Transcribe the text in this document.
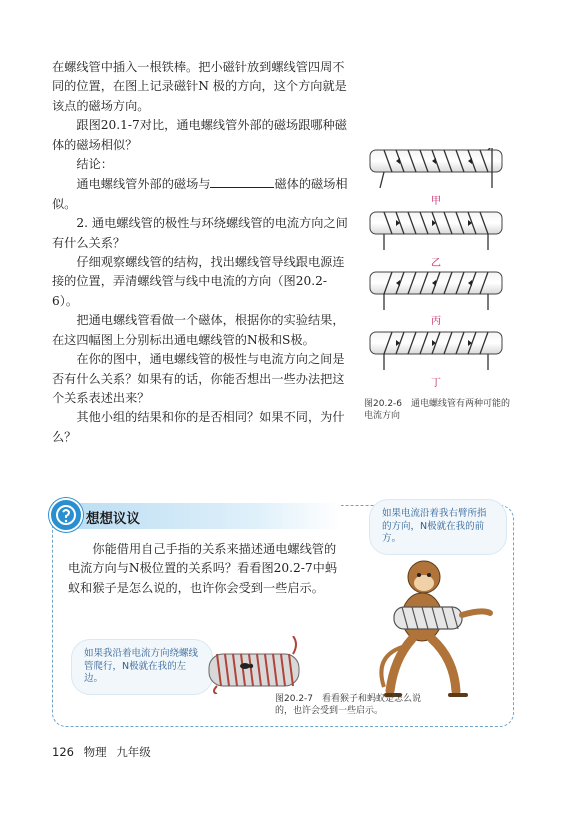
在螺线管中插入一根铁棒。把小磁针放到螺线管四周不同的位置，在图上记录磁针N 极的方向，这个方向就是该点的磁场方向。

跟图20.1-7对比，通电螺线管外部的磁场跟哪种磁体的磁场相似？

结论：

通电螺线管外部的磁场与	磁体的磁场相似。

2. 通电螺线管的极性与环绕螺线管的电流方向之间有什么关系？

仔细观察螺线管的结构，找出螺线管导线跟电源连接的位置，弄清螺线管与线中电流的方向（图20.2-6）。

把通电螺线管看做一个磁体，根据你的实验结果，在这四幅图上分别标出通电螺线管的N极和S极。

在你的图中，通电螺线管的极性与电流方向之间是否有什么关系？如果有的话，你能否想出一些办法把这个关系表述出来？

其他小组的结果和你的是否相同？如果不同，为什么？

甲
乙
丙
丁
图20.2-6　通电螺线管有两种可能的电流方向
想想议议

你能借用自己手指的关系来描述通电螺线管的电流方向与N极位置的关系吗？看看图20.2-7中蚂蚁和猴子是怎么说的，也许你会受到一些启示。

如果电流沿着我右臂所指的方向，N极就在我的前方。
如果我沿着电流方向绕螺线管爬行，N极就在我的左边。
图20.2-7　看看猴子和蚂蚁是怎么说的，也许会受到一些启示。
126 物理 九年级
